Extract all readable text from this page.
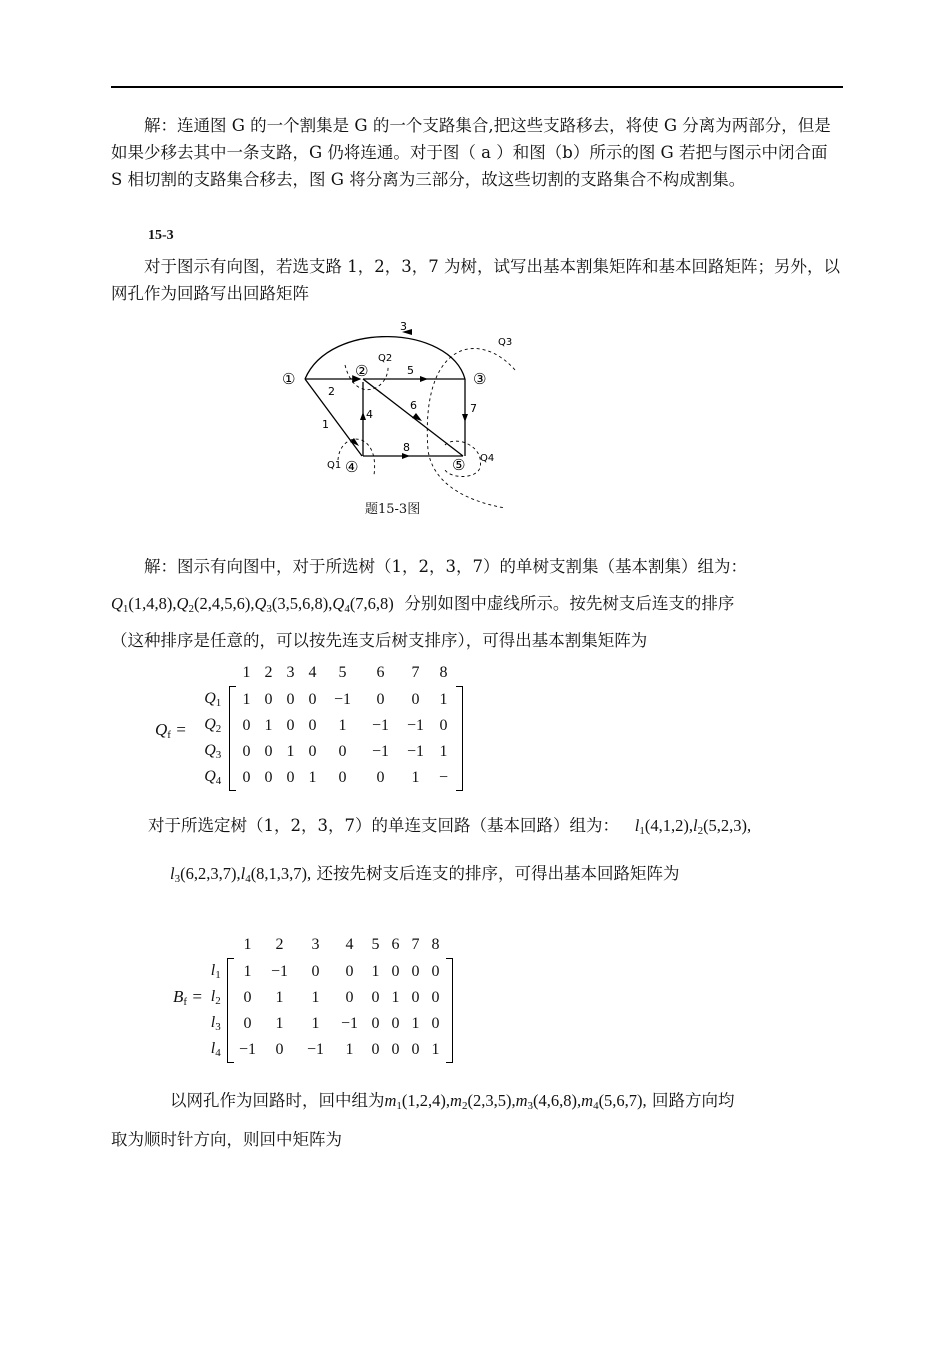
解：连通图 G 的一个割集是 G 的一个支路集合,把这些支路移去，将使 G 分离为两部分，但是如果少移去其中一条支路，G 仍将连通。对于图（ a ）和图（b）所示的图 G 若把与图示中闭合面 S 相切割的支路集合移去，图 G 将分离为三部分，故这些切割的支路集合不构成割集。

15-3

对于图示有向图，若选支路 1，2，3，7 为树，试写出基本割集矩阵和基本回路矩阵；另外，以网孔作为回路写出回路矩阵

①	②	③
④	⑤
3
2
5
1
4
6	7
8
Q1
Q2
Q3
Q4
题15-3图

解：图示有向图中，对于所选树（1，2，3，7）的单树支割集（基本割集）组为：

$Q_1(1,4,8),Q_2(2,4,5,6),Q_3(3,5,6,8),Q_4(7,6,8)$ 分别如图中虚线所示。按先树支后连支的排序
（这种排序是任意的，可以按先连支后树支排序），可得出基本割集矩阵为
$Q_f$ =
		1	2	3	4	5	6	7	8	
$Q_1$		1	0	0	0	−1	0	0	1	
$Q_2$		0	1	0	0	1	−1	−1	0	
$Q_3$		0	0	1	0	0	−1	−1	1	
$Q_4$		0	0	0	1	0	0	1	−	
对于所选定树（1，2，3，7）的单连支回路（基本回路）组为： $l_1(4,1,2),l_2(5,2,3)$,
$l_3(6,2,3,7),l_4(8,1,3,7)$, 还按先树支后连支的排序，可得出基本回路矩阵为
$B_f$ =
		1	2	3	4	5	6	7	8	
$l_1$		1	−1	0	0	1	0	0	0	
$l_2$		0	1	1	0	0	1	0	0	
$l_3$		0	1	1	−1	0	0	1	0	
$l_4$		−1	0	−1	1	0	0	0	1	
以网孔作为回路时，回中组为$m_1(1,2,4),m_2(2,3,5),m_3(4,6,8),m_4(5,6,7)$, 回路方向均
取为顺时针方向，则回中矩阵为
